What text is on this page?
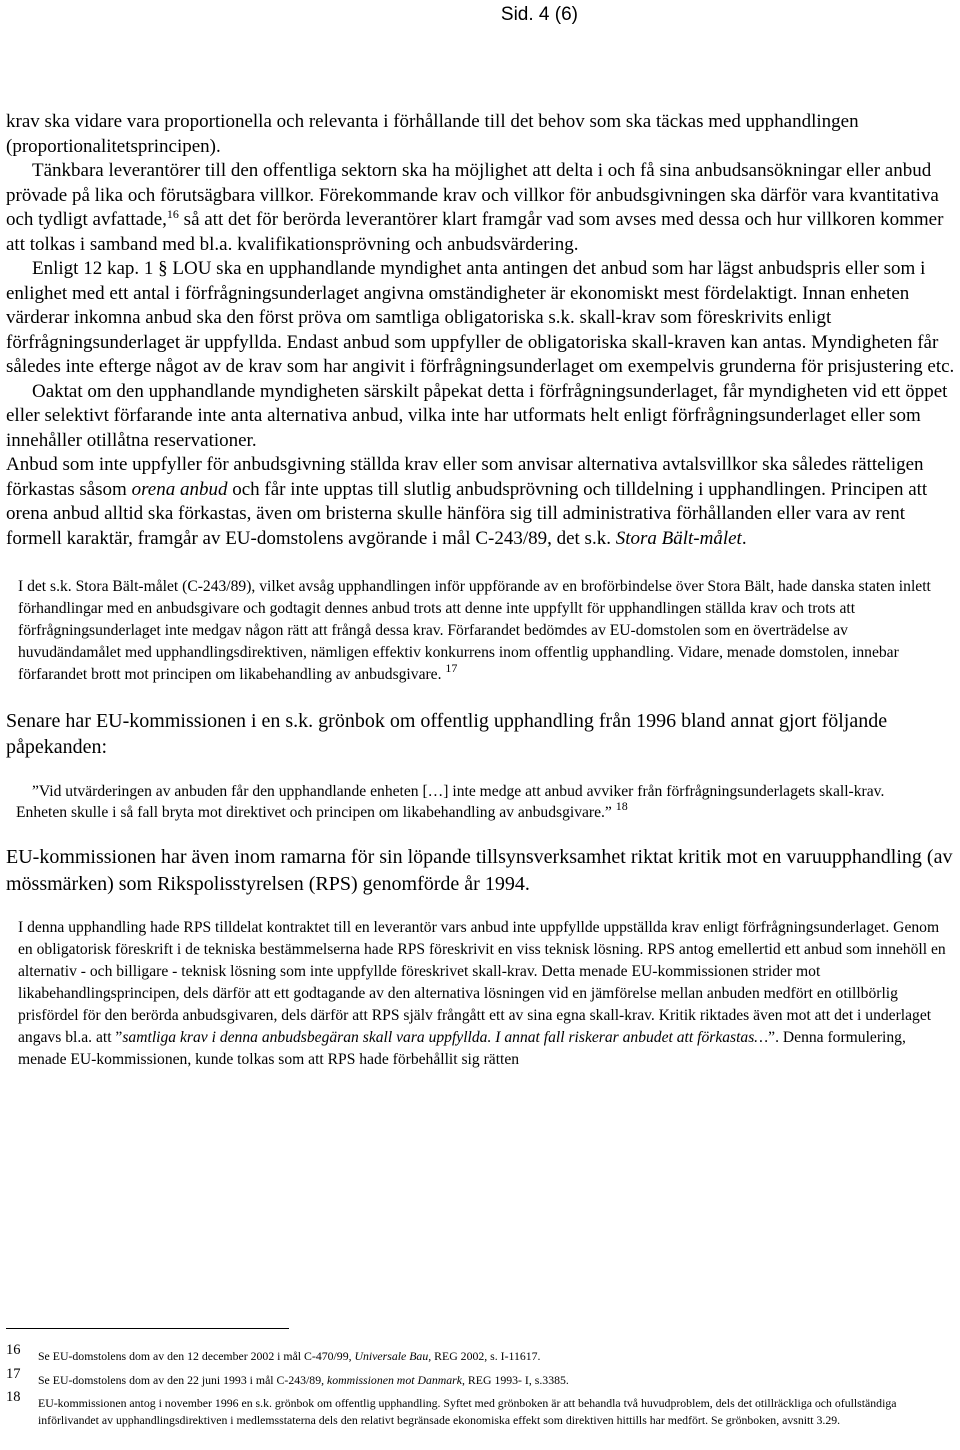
Sid. 4 (6)

krav ska vidare vara proportionella och relevanta i förhållande till det behov som ska täckas med upphandlingen (proportionalitetsprincipen).

Tänkbara leverantörer till den offentliga sektorn ska ha möjlighet att delta i och få sina anbudsansökningar eller anbud prövade på lika och förutsägbara villkor. Förekommande krav och villkor för anbudsgivningen ska därför vara kvantitativa och tydligt avfattade,$^{16}$ så att det för berörda leverantörer klart framgår vad som avses med dessa och hur villkoren kommer att tolkas i samband med bl.a. kvalifikationsprövning och anbudsvärdering.

Enligt 12 kap. 1 § LOU ska en upphandlande myndighet anta antingen det anbud som har lägst anbudspris eller som i enlighet med ett antal i förfrågningsunderlaget angivna omständigheter är ekonomiskt mest fördelaktigt. Innan enheten värderar inkomna anbud ska den först pröva om samtliga obligatoriska s.k. skall-krav som föreskrivits enligt förfrågningsunderlaget är uppfyllda. Endast anbud som uppfyller de obligatoriska skall-kraven kan antas. Myndigheten får således inte efterge något av de krav som har angivit i förfrågningsunderlaget om exempelvis grunderna för prisjustering etc.

Oaktat om den upphandlande myndigheten särskilt påpekat detta i förfrågningsunderlaget, får myndigheten vid ett öppet eller selektivt förfarande inte anta alternativa anbud, vilka inte har utformats helt enligt förfrågningsunderlaget eller som innehåller otillåtna reservationer.

Anbud som inte uppfyller för anbudsgivning ställda krav eller som anvisar alternativa avtalsvillkor ska således rätteligen förkastas såsom orena anbud och får inte upptas till slutlig anbudsprövning och tilldelning i upphandlingen. Principen att orena anbud alltid ska förkastas, även om bristerna skulle hänföra sig till administrativa förhållanden eller vara av rent formell karaktär, framgår av EU-domstolens avgörande i mål C-243/89, det s.k. Stora Bält-målet.

I det s.k. Stora Bält-målet (C-243/89), vilket avsåg upphandlingen inför uppförande av en broförbindelse över Stora Bält, hade danska staten inlett förhandlingar med en anbudsgivare och godtagit dennes anbud trots att denne inte uppfyllt för upphandlingen ställda krav och trots att förfrågningsunderlaget inte medgav någon rätt att frångå dessa krav. Förfarandet bedömdes av EU-domstolen som en överträdelse av huvudändamålet med upphandlingsdirektiven, nämligen effektiv konkurrens inom offentlig upphandling. Vidare, menade domstolen, innebar förfarandet brott mot principen om likabehandling av anbudsgivare. $^{17}$

Senare har EU-kommissionen i en s.k. grönbok om offentlig upphandling från 1996 bland annat gjort följande påpekanden:

”Vid utvärderingen av anbuden får den upphandlande enheten […] inte medge att anbud avviker från förfrågningsunderlagets skall-krav. Enheten skulle i så fall bryta mot direktivet och principen om likabehandling av anbudsgivare.” $^{18}$

EU-kommissionen har även inom ramarna för sin löpande tillsynsverksamhet riktat kritik mot en varuupphandling (av mössmärken) som Rikspolisstyrelsen (RPS) genomförde år 1994.

I denna upphandling hade RPS tilldelat kontraktet till en leverantör vars anbud inte uppfyllde uppställda krav enligt förfrågningsunderlaget. Genom en obligatorisk föreskrift i de tekniska bestämmelserna hade RPS föreskrivit en viss teknisk lösning. RPS antog emellertid ett anbud som innehöll en alternativ - och billigare - teknisk lösning som inte uppfyllde föreskrivet skall-krav. Detta menade EU-kommissionen strider mot likabehandlingsprincipen, dels därför att ett godtagande av den alternativa lösningen vid en jämförelse mellan anbuden medfört en otillbörlig prisfördel för den berörda anbudsgivaren, dels därför att RPS själv frångått ett av sina egna skall-krav. Kritik riktades även mot att det i underlaget angavs bl.a. att ”samtliga krav i denna anbudsbegäran skall vara uppfyllda. I annat fall riskerar anbudet att förkastas…”. Denna formulering, menade EU-kommissionen, kunde tolkas som att RPS hade förbehållit sig rätten

16 Se EU-domstolens dom av den 12 december 2002 i mål C-470/99, Universale Bau, REG 2002, s. I-11617.
17 Se EU-domstolens dom av den 22 juni 1993 i mål C-243/89, kommissionen mot Danmark, REG 1993- I, s.3385.
18 EU-kommissionen antog i november 1996 en s.k. grönbok om offentlig upphandling. Syftet med grönboken är att behandla två huvudproblem, dels det otillräckliga och ofullständiga införlivandet av upphandlingsdirektiven i medlemsstaterna dels den relativt begränsade ekonomiska effekt som direktiven hittills har medfört. Se grönboken, avsnitt 3.29.
